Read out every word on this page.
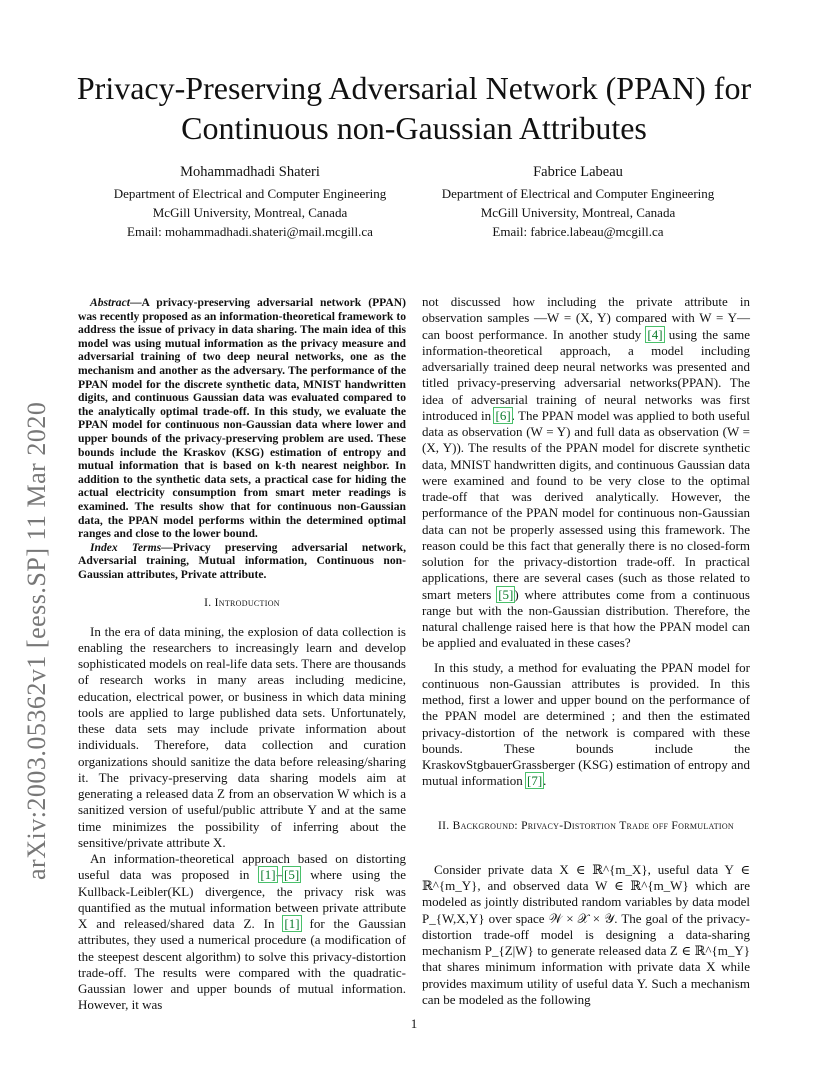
arXiv:2003.05362v1 [eess.SP] 11 Mar 2020
Privacy-Preserving Adversarial Network (PPAN) for
Continuous non-Gaussian Attributes
Mohammadhadi Shateri
Department of Electrical and Computer Engineering
McGill University, Montreal, Canada
Email: mohammadhadi.shateri@mail.mcgill.ca
Fabrice Labeau
Department of Electrical and Computer Engineering
McGill University, Montreal, Canada
Email: fabrice.labeau@mcgill.ca

Abstract—A privacy-preserving adversarial network (PPAN) was recently proposed as an information-theoretical framework to address the issue of privacy in data sharing. The main idea of this model was using mutual information as the privacy measure and adversarial training of two deep neural networks, one as the mechanism and another as the adversary. The performance of the PPAN model for the discrete synthetic data, MNIST handwritten digits, and continuous Gaussian data was evaluated compared to the analytically optimal trade-off. In this study, we evaluate the PPAN model for continuous non-Gaussian data where lower and upper bounds of the privacy-preserving problem are used. These bounds include the Kraskov (KSG) estimation of entropy and mutual information that is based on k-th nearest neighbor. In addition to the synthetic data sets, a practical case for hiding the actual electricity consumption from smart meter readings is examined. The results show that for continuous non-Gaussian data, the PPAN model performs within the determined optimal ranges and close to the lower bound.

Index Terms—Privacy preserving adversarial network, Adversarial training, Mutual information, Continuous non-Gaussian attributes, Private attribute.

I. Introduction

In the era of data mining, the explosion of data collection is enabling the researchers to increasingly learn and develop sophisticated models on real-life data sets. There are thousands of research works in many areas including medicine, education, electrical power, or business in which data mining tools are applied to large published data sets. Unfortunately, these data sets may include private information about individuals. Therefore, data collection and curation organizations should sanitize the data before releasing/sharing it. The privacy-preserving data sharing models aim at generating a released data Z from an observation W which is a sanitized version of useful/public attribute Y and at the same time minimizes the possibility of inferring about the sensitive/private attribute X.

An information-theoretical approach based on distorting useful data was proposed in [1]–[5] where using the Kullback-Leibler(KL) divergence, the privacy risk was quantified as the mutual information between private attribute X and released/shared data Z. In [1] for the Gaussian attributes, they used a numerical procedure (a modification of the steepest descent algorithm) to solve this privacy-distortion trade-off. The results were compared with the quadratic-Gaussian lower and upper bounds of mutual information. However, it was

not discussed how including the private attribute in observation samples —W = (X, Y) compared with W = Y—can boost performance. In another study [4] using the same information-theoretical approach, a model including adversarially trained deep neural networks was presented and titled privacy-preserving adversarial networks(PPAN). The idea of adversarial training of neural networks was first introduced in [6]. The PPAN model was applied to both useful data as observation (W = Y) and full data as observation (W = (X, Y)). The results of the PPAN model for discrete synthetic data, MNIST handwritten digits, and continuous Gaussian data were examined and found to be very close to the optimal trade-off that was derived analytically. However, the performance of the PPAN model for continuous non-Gaussian data can not be properly assessed using this framework. The reason could be this fact that generally there is no closed-form solution for the privacy-distortion trade-off. In practical applications, there are several cases (such as those related to smart meters [5]) where attributes come from a continuous range but with the non-Gaussian distribution. Therefore, the natural challenge raised here is that how the PPAN model can be applied and evaluated in these cases?

In this study, a method for evaluating the PPAN model for continuous non-Gaussian attributes is provided. In this method, first a lower and upper bound on the performance of the PPAN model are determined ; and then the estimated privacy-distortion of the network is compared with these bounds. These bounds include the KraskovStgbauerGrassberger (KSG) estimation of entropy and mutual information [7].

II. Background: Privacy-Distortion Trade off Formulation

Consider private data X ∈ ℝ^{m_X}, useful data Y ∈ ℝ^{m_Y}, and observed data W ∈ ℝ^{m_W} which are modeled as jointly distributed random variables by data model P_{W,X,Y} over space 𝒲 × 𝒳 × 𝒴. The goal of the privacy-distortion trade-off model is designing a data-sharing mechanism P_{Z|W} to generate released data Z ∈ ℝ^{m_Y} that shares minimum information with private data X while provides maximum utility of useful data Y. Such a mechanism can be modeled as the following

1
